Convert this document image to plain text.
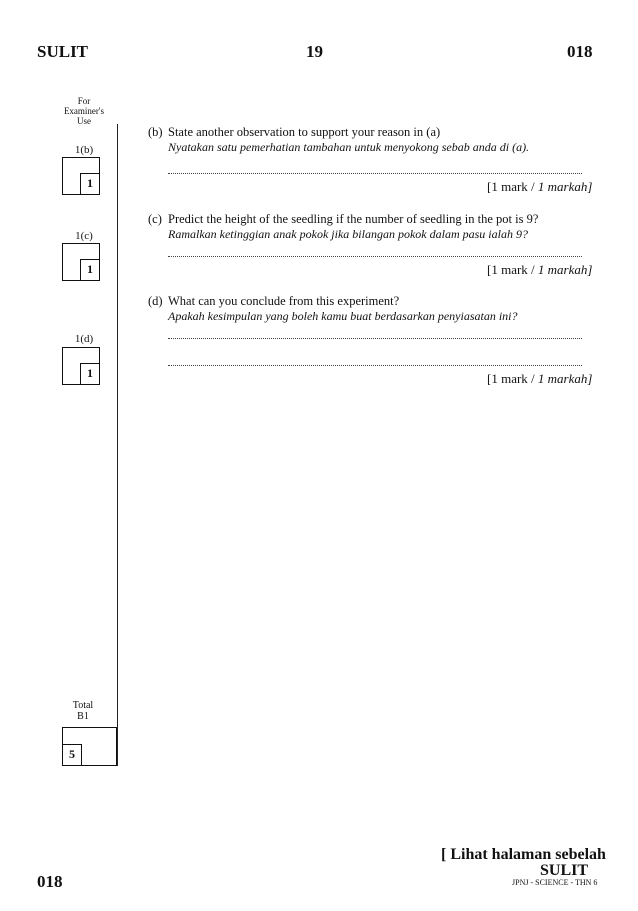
SULIT	19	018
For
Examiner's
Use
1(b)
1
1(c)
1
1(d)
1
Total
B1
5
(b) State another observation to support your reason in (a)
Nyatakan satu pemerhatian tambahan untuk menyokong sebab anda di (a).
[1 mark / 1 markah]
(c) Predict the height of the seedling if the number of seedling in the pot is 9?
Ramalkan ketinggian anak pokok jika bilangan pokok dalam pasu ialah 9?
[1 mark / 1 markah]
(d) What can you conclude from this experiment?
Apakah kesimpulan yang boleh kamu buat berdasarkan penyiasatan ini?
[1 mark / 1 markah]
018
[ Lihat halaman sebelah
SULIT
JPNJ - SCIENCE - THN 6
